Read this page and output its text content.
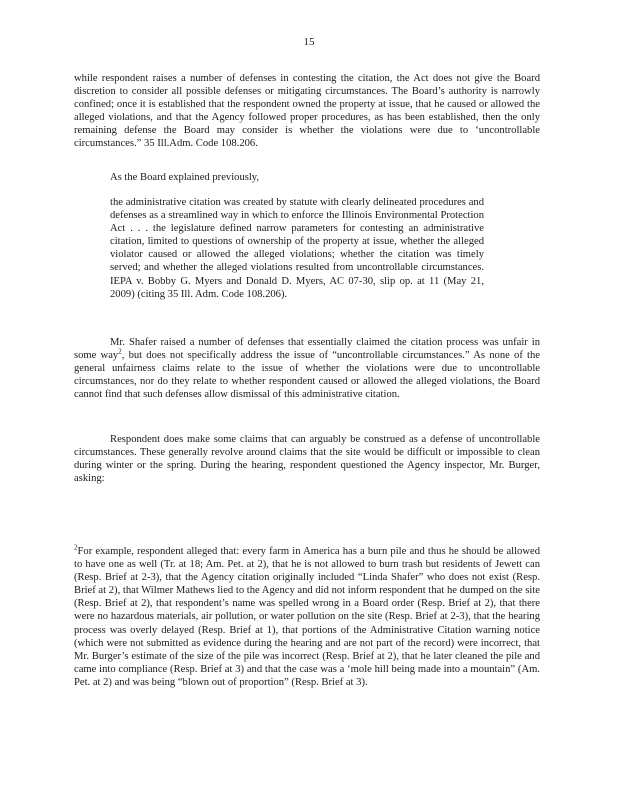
15

while respondent raises a number of defenses in contesting the citation, the Act does not give the Board discretion to consider all possible defenses or mitigating circumstances. The Board’s authority is narrowly confined; once it is established that the respondent owned the property at issue, that he caused or allowed the alleged violations, and that the Agency followed proper procedures, as has been established, then the only remaining defense the Board may consider is whether the violations were due to ‘uncontrollable circumstances.” 35 Ill.Adm. Code 108.206.

As the Board explained previously,

the administrative citation was created by statute with clearly delineated procedures and defenses as a streamlined way in which to enforce the Illinois Environmental Protection Act . . . the legislature defined narrow parameters for contesting an administrative citation, limited to questions of ownership of the property at issue, whether the alleged violator caused or allowed the alleged violations; whether the citation was timely served; and whether the alleged violations resulted from uncontrollable circumstances. IEPA v. Bobby G. Myers and Donald D. Myers, AC 07-30, slip op. at 11 (May 21, 2009) (citing 35 Ill. Adm. Code 108.206).

Mr. Shafer raised a number of defenses that essentially claimed the citation process was unfair in some way$^2$, but does not specifically address the issue of “uncontrollable circumstances.” As none of the general unfairness claims relate to the issue of whether the violations were due to uncontrollable circumstances, nor do they relate to whether respondent caused or allowed the alleged violations, the Board cannot find that such defenses allow dismissal of this administrative citation.

Respondent does make some claims that can arguably be construed as a defense of uncontrollable circumstances. These generally revolve around claims that the site would be difficult or impossible to clean during winter or the spring. During the hearing, respondent questioned the Agency inspector, Mr. Burger, asking:

$^2$For example, respondent alleged that: every farm in America has a burn pile and thus he should be allowed to have one as well (Tr. at 18; Am. Pet. at 2), that he is not allowed to burn trash but residents of Jewett can (Resp. Brief at 2-3), that the Agency citation originally included “Linda Shafer” who does not exist (Resp. Brief at 2), that Wilmer Mathews lied to the Agency and did not inform respondent that he dumped on the site (Resp. Brief at 2), that respondent’s name was spelled wrong in a Board order (Resp. Brief at 2), that there were no hazardous materials, air pollution, or water pollution on the site (Resp. Brief at 2-3), that the hearing process was overly delayed (Resp. Brief at 1), that portions of the Administrative Citation warning notice (which were not submitted as evidence during the hearing and are not part of the record) were incorrect, that Mr. Burger’s estimate of the size of the pile was incorrect (Resp. Brief at 2), that he later cleaned the pile and came into compliance (Resp. Brief at 3) and that the case was a ‘mole hill being made into a mountain” (Am. Pet. at 2) and was being “blown out of proportion” (Resp. Brief at 3).
